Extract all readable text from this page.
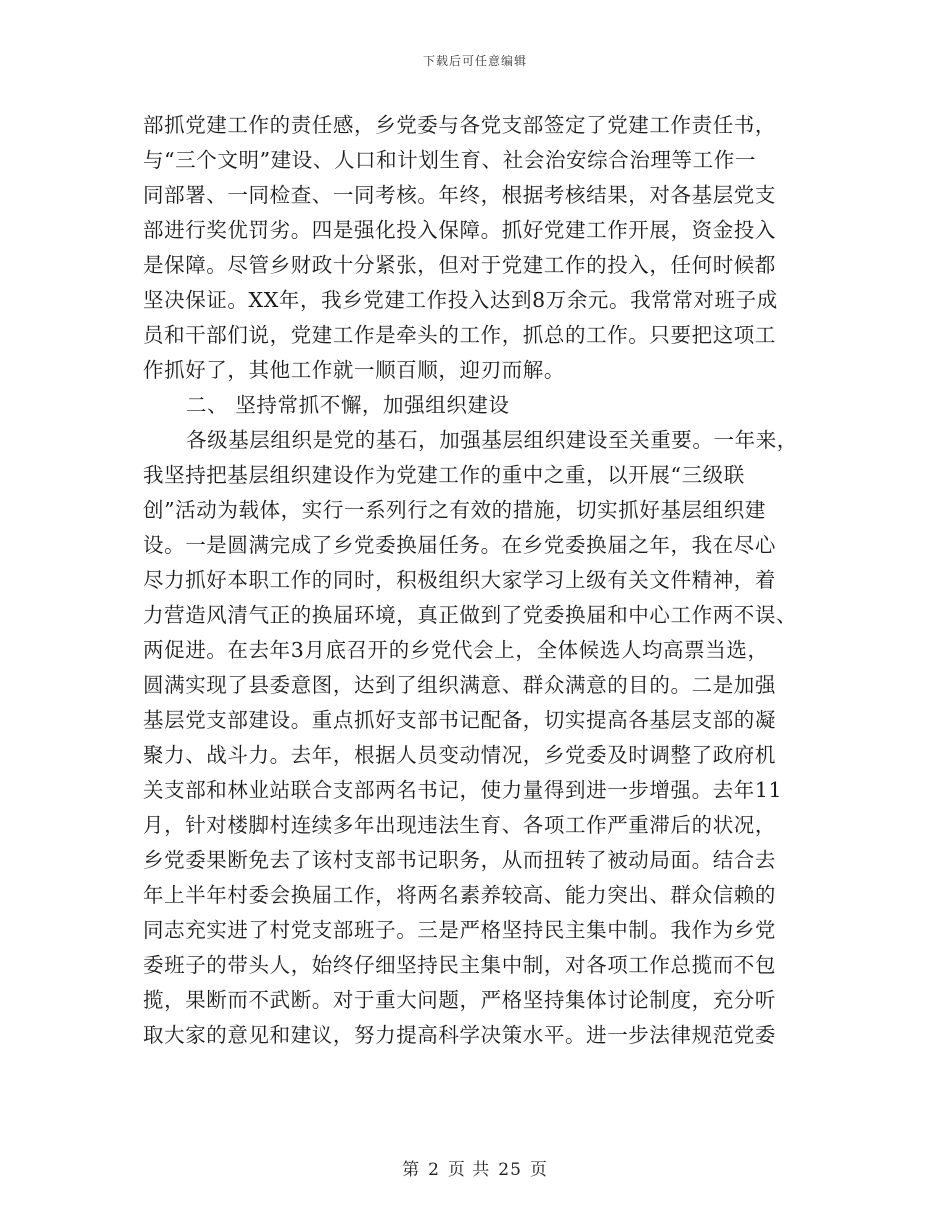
下载后可任意编辑
部抓党建工作的责任感，乡党委与各党支部签定了党建工作责任书，
与“三个文明”建设、人口和计划生育、社会治安综合治理等工作一
同部署、一同检查、一同考核。年终，根据考核结果，对各基层党支
部进行奖优罚劣。四是强化投入保障。抓好党建工作开展，资金投入
是保障。尽管乡财政十分紧张，但对于党建工作的投入，任何时候都
坚决保证。XX年，我乡党建工作投入达到8万余元。我常常对班子成
员和干部们说，党建工作是牵头的工作，抓总的工作。只要把这项工
作抓好了，其他工作就一顺百顺，迎刃而解。
二、 坚持常抓不懈，加强组织建设
各级基层组织是党的基石，加强基层组织建设至关重要。一年来，
我坚持把基层组织建设作为党建工作的重中之重，以开展“三级联
创”活动为载体，实行一系列行之有效的措施，切实抓好基层组织建
设。一是圆满完成了乡党委换届任务。在乡党委换届之年，我在尽心
尽力抓好本职工作的同时，积极组织大家学习上级有关文件精神，着
力营造风清气正的换届环境，真正做到了党委换届和中心工作两不误、
两促进。在去年3月底召开的乡党代会上，全体候选人均高票当选，
圆满实现了县委意图，达到了组织满意、群众满意的目的。二是加强
基层党支部建设。重点抓好支部书记配备，切实提高各基层支部的凝
聚力、战斗力。去年，根据人员变动情况，乡党委及时调整了政府机
关支部和林业站联合支部两名书记，使力量得到进一步增强。去年11
月，针对楼脚村连续多年出现违法生育、各项工作严重滞后的状况，
乡党委果断免去了该村支部书记职务，从而扭转了被动局面。结合去
年上半年村委会换届工作，将两名素养较高、能力突出、群众信赖的
同志充实进了村党支部班子。三是严格坚持民主集中制。我作为乡党
委班子的带头人，始终仔细坚持民主集中制，对各项工作总揽而不包
揽，果断而不武断。对于重大问题，严格坚持集体讨论制度，充分听
取大家的意见和建议，努力提高科学决策水平。进一步法律规范党委
第 2 页 共 25 页
